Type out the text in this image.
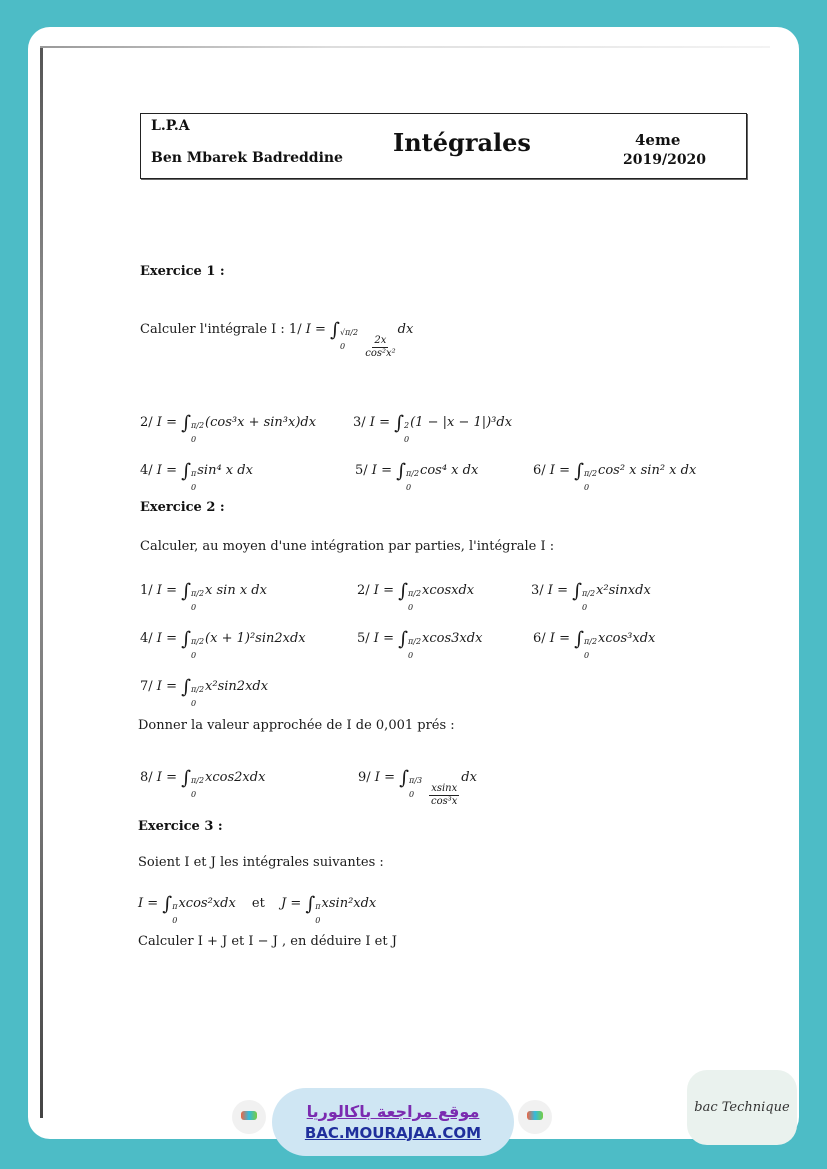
L.P.A
Ben Mbarek Badreddine
Intégrales	4eme
2019/2020
Exercice 1 :
Calculer l'intégrale I : 1/ I = ∫ √π/2
0
	$\frac{2x}{\text{cos²x²}}$
dx
2/ I = ∫ π/2
0
(cos³x + sin³x)dx	3/ I = ∫ 2
0
(1 − |x − 1|)³dx
4/ I = ∫ π
0
sin⁴ x dx	5/ I = ∫ π/2
0
cos⁴ x dx	6/ I = ∫ π/2
0
cos² x sin² x dx
Exercice 2 :
Calculer, au moyen d'une intégration par parties, l'intégrale I :
1/ I = ∫ π/2
0
x sin x dx	2/ I = ∫ π/2
0
xcosxdx	3/ I = ∫ π/2
0
x²sinxdx
4/ I = ∫ π/2
0
(x + 1)²sin2xdx	5/ I = ∫ π/2
0
xcos3xdx	6/ I = ∫ π/2
0
xcos³xdx
7/ I = ∫ π/2
0
x²sin2xdx
Donner la valeur approchée de I de 0,001 prés :
8/ I = ∫ π/2
0
xcos2xdx	9/ I = ∫ π/3
0
	$\frac{xsinx}{\text{cos³x}}$
dx
Exercice 3 :
Soient I et J les intégrales suivantes :
I = ∫ π
0
xcos²xdx et J = ∫ π
0
xsin²xdx
Calculer I + J et I − J , en déduire I et J
موقع مراجعة باكالوريا
BAC.MOURAJAA.COM
bac Technique
